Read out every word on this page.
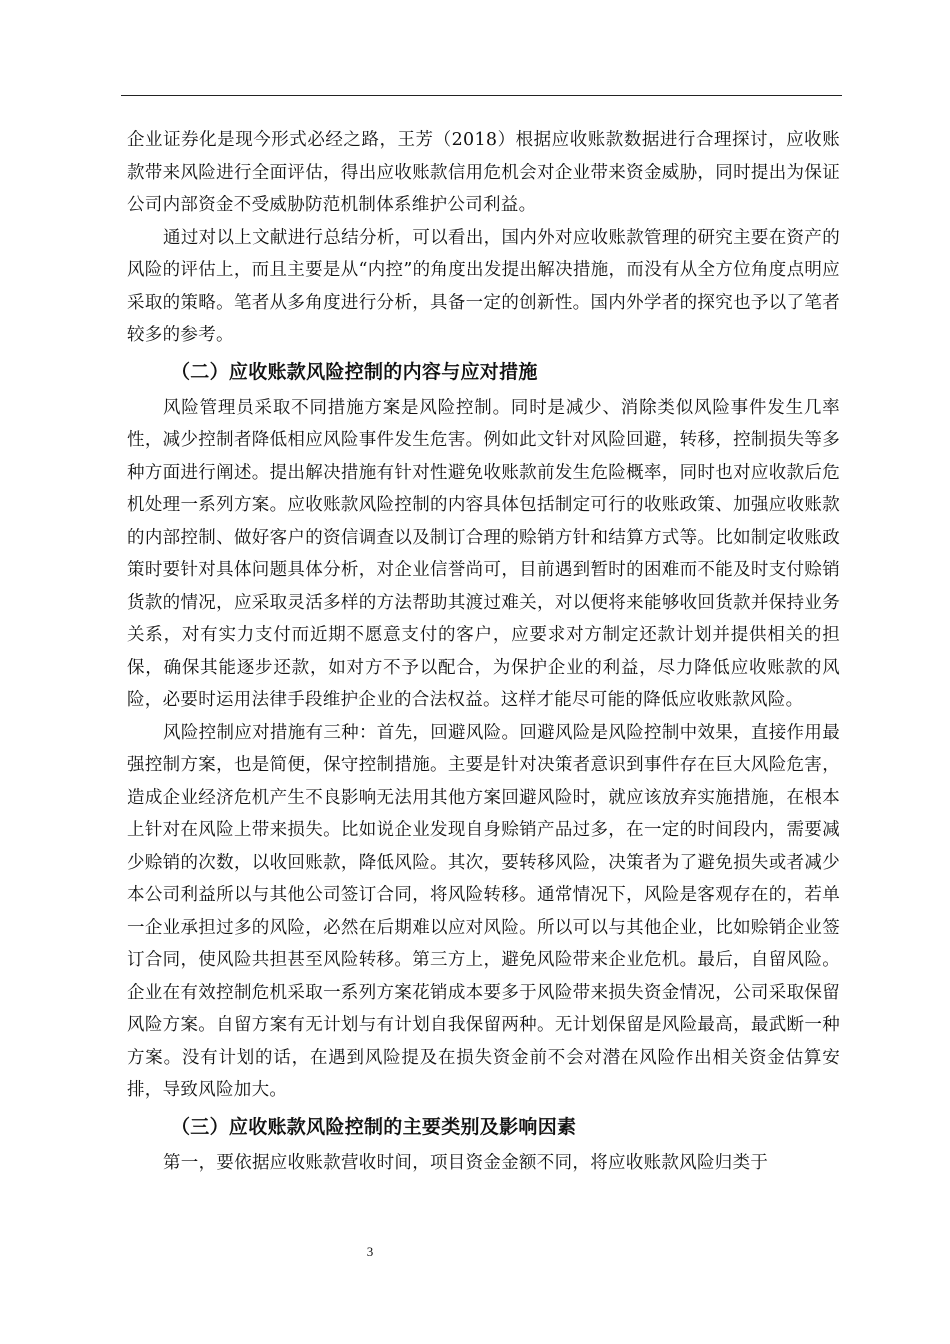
企业证券化是现今形式必经之路，王芳（2018）根据应收账款数据进行合理探讨，应收账款带来风险进行全面评估，得出应收账款信用危机会对企业带来资金威胁，同时提出为保证公司内部资金不受威胁防范机制体系维护公司利益。

通过对以上文献进行总结分析，可以看出，国内外对应收账款管理的研究主要在资产的风险的评估上，而且主要是从“内控”的角度出发提出解决措施，而没有从全方位角度点明应采取的策略。笔者从多角度进行分析，具备一定的创新性。国内外学者的探究也予以了笔者较多的参考。

（二）应收账款风险控制的内容与应对措施

风险管理员采取不同措施方案是风险控制。同时是减少、消除类似风险事件发生几率性，减少控制者降低相应风险事件发生危害。例如此文针对风险回避，转移，控制损失等多种方面进行阐述。提出解决措施有针对性避免收账款前发生危险概率，同时也对应收款后危机处理一系列方案。应收账款风险控制的内容具体包括制定可行的收账政策、加强应收账款的内部控制、做好客户的资信调查以及制订合理的赊销方针和结算方式等。比如制定收账政策时要针对具体问题具体分析，对企业信誉尚可，目前遇到暂时的困难而不能及时支付赊销货款的情况，应采取灵活多样的方法帮助其渡过难关，对以便将来能够收回货款并保持业务关系，对有实力支付而近期不愿意支付的客户，应要求对方制定还款计划并提供相关的担保，确保其能逐步还款，如对方不予以配合，为保护企业的利益，尽力降低应收账款的风险，必要时运用法律手段维护企业的合法权益。这样才能尽可能的降低应收账款风险。

风险控制应对措施有三种：首先，回避风险。回避风险是风险控制中效果，直接作用最强控制方案，也是简便，保守控制措施。主要是针对决策者意识到事件存在巨大风险危害，造成企业经济危机产生不良影响无法用其他方案回避风险时，就应该放弃实施措施，在根本上针对在风险上带来损失。比如说企业发现自身赊销产品过多，在一定的时间段内，需要减少赊销的次数，以收回账款，降低风险。其次，要转移风险，决策者为了避免损失或者减少本公司利益所以与其他公司签订合同，将风险转移。通常情况下，风险是客观存在的，若单一企业承担过多的风险，必然在后期难以应对风险。所以可以与其他企业，比如赊销企业签订合同，使风险共担甚至风险转移。第三方上，避免风险带来企业危机。最后，自留风险。企业在有效控制危机采取一系列方案花销成本要多于风险带来损失资金情况，公司采取保留风险方案。自留方案有无计划与有计划自我保留两种。无计划保留是风险最高，最武断一种方案。没有计划的话，在遇到风险提及在损失资金前不会对潜在风险作出相关资金估算安排，导致风险加大。

（三）应收账款风险控制的主要类别及影响因素

第一，要依据应收账款营收时间，项目资金金额不同，将应收账款风险归类于

3
